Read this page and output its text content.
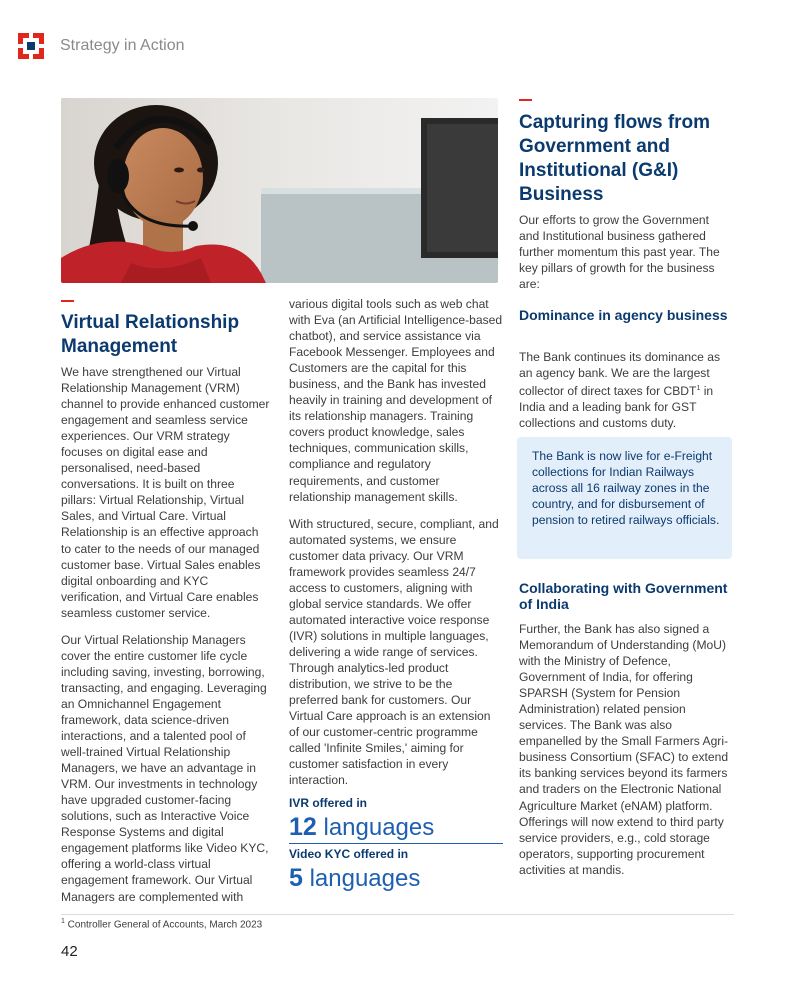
Strategy in Action
Virtual Relationship Management

We have strengthened our Virtual Relationship Management (VRM) channel to provide enhanced customer engagement and seamless service experiences. Our VRM strategy focuses on digital ease and personalised, need-based conversations. It is built on three pillars: Virtual Relationship, Virtual Sales, and Virtual Care. Virtual Relationship is an effective approach to cater to the needs of our managed customer base. Virtual Sales enables digital onboarding and KYC verification, and Virtual Care enables seamless customer service.

Our Virtual Relationship Managers cover the entire customer life cycle including saving, investing, borrowing, transacting, and engaging. Leveraging an Omnichannel Engagement framework, data science-driven interactions, and a talented pool of well-trained Virtual Relationship Managers, we have an advantage in VRM. Our investments in technology have upgraded customer-facing solutions, such as Interactive Voice Response Systems and digital engagement platforms like Video KYC, offering a world-class virtual engagement framework. Our Virtual Managers are complemented with

various digital tools such as web chat with Eva (an Artificial Intelligence-based chatbot), and service assistance via Facebook Messenger. Employees and Customers are the capital for this business, and the Bank has invested heavily in training and development of its relationship managers. Training covers product knowledge, sales techniques, communication skills, compliance and regulatory requirements, and customer relationship management skills.

With structured, secure, compliant, and automated systems, we ensure customer data privacy. Our VRM framework provides seamless 24/7 access to customers, aligning with global service standards. We offer automated interactive voice response (IVR) solutions in multiple languages, delivering a wide range of services. Through analytics-led product distribution, we strive to be the preferred bank for customers. Our Virtual Care approach is an extension of our customer-centric programme called 'Infinite Smiles,' aiming for customer satisfaction in every interaction.

IVR offered in
12 languages
Video KYC offered in
5 languages
Capturing flows from Government and Institutional (G&I) Business
Our efforts to grow the Government and Institutional business gathered further momentum this past year. The key pillars of growth for the business are:
Dominance in agency business
The Bank continues its dominance as an agency bank. We are the largest collector of direct taxes for CBDT$^1$ in India and a leading bank for GST collections and customs duty.
The Bank is now live for e-Freight collections for Indian Railways across all 16 railway zones in the country, and for disbursement of pension to retired railways officials.
Collaborating with Government of India
Further, the Bank has also signed a Memorandum of Understanding (MoU) with the Ministry of Defence, Government of India, for offering SPARSH (System for Pension Administration) related pension services. The Bank was also empanelled by the Small Farmers Agri-business Consortium (SFAC) to extend its banking services beyond its farmers and traders on the Electronic National Agriculture Market (eNAM) platform. Offerings will now extend to third party service providers, e.g., cold storage operators, supporting procurement activities at mandis.
$^1$ Controller General of Accounts, March 2023
42
